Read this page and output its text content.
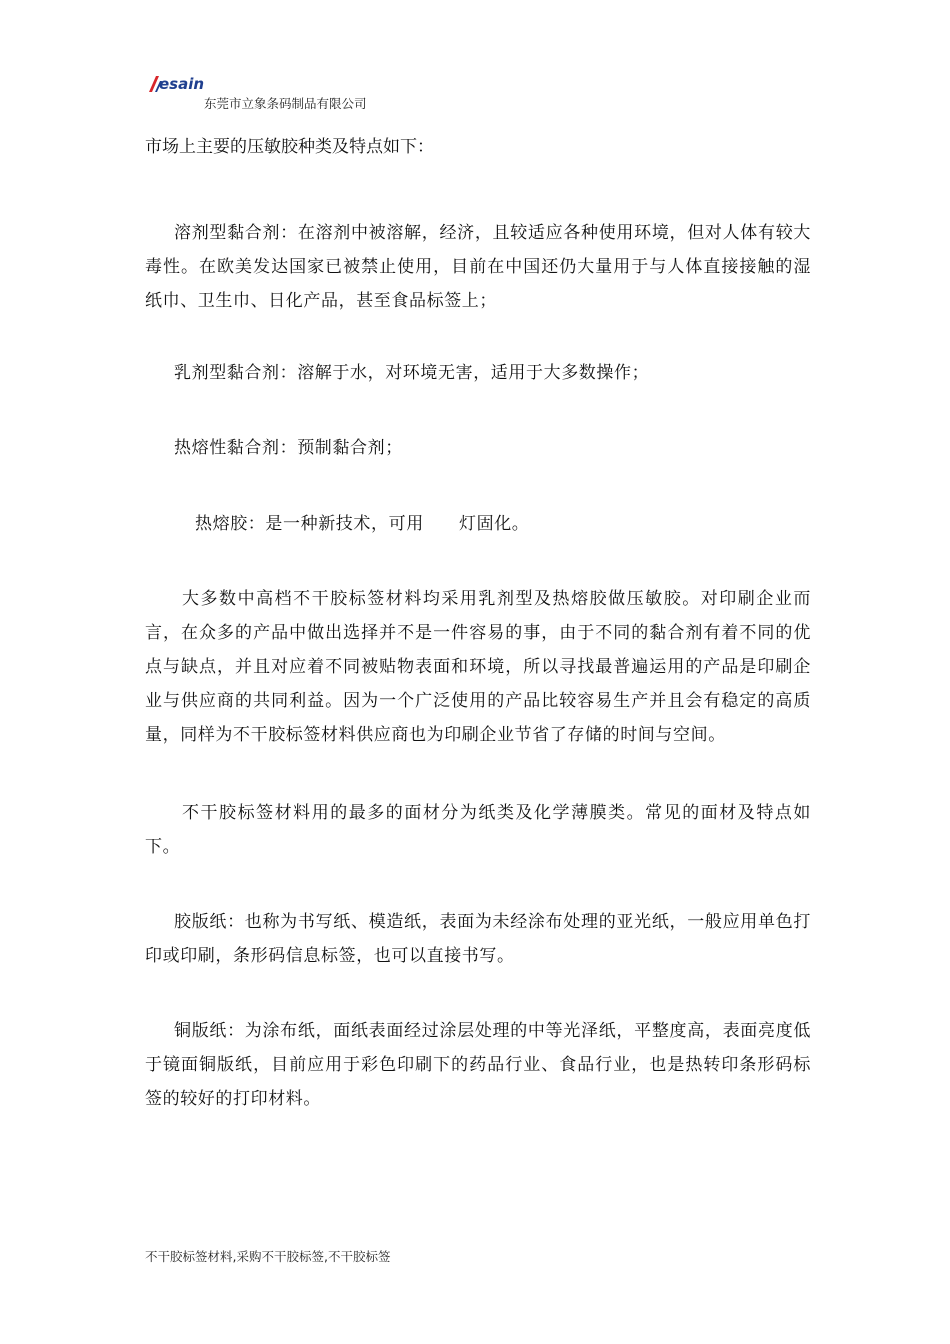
esain
东莞市立象条码制品有限公司

市场上主要的压敏胶种类及特点如下：

溶剂型黏合剂：在溶剂中被溶解，经济，且较适应各种使用环境，但对人体有较大毒性。在欧美发达国家已被禁止使用，目前在中国还仍大量用于与人体直接接触的湿纸巾、卫生巾、日化产品，甚至食品标签上；

乳剂型黏合剂：溶解于水，对环境无害，适用于大多数操作；

热熔性黏合剂：预制黏合剂；

热熔胶：是一种新技术，可用　　灯固化。

大多数中高档不干胶标签材料均采用乳剂型及热熔胶做压敏胶。对印刷企业而言，在众多的产品中做出选择并不是一件容易的事，由于不同的黏合剂有着不同的优点与缺点，并且对应着不同被贴物表面和环境，所以寻找最普遍运用的产品是印刷企业与供应商的共同利益。因为一个广泛使用的产品比较容易生产并且会有稳定的高质量，同样为不干胶标签材料供应商也为印刷企业节省了存储的时间与空间。

不干胶标签材料用的最多的面材分为纸类及化学薄膜类。常见的面材及特点如下。

胶版纸：也称为书写纸、模造纸，表面为未经涂布处理的亚光纸，一般应用单色打印或印刷，条形码信息标签，也可以直接书写。

铜版纸：为涂布纸，面纸表面经过涂层处理的中等光泽纸，平整度高，表面亮度低于镜面铜版纸，目前应用于彩色印刷下的药品行业、食品行业，也是热转印条形码标签的较好的打印材料。

不干胶标签材料,采购不干胶标签,不干胶标签
